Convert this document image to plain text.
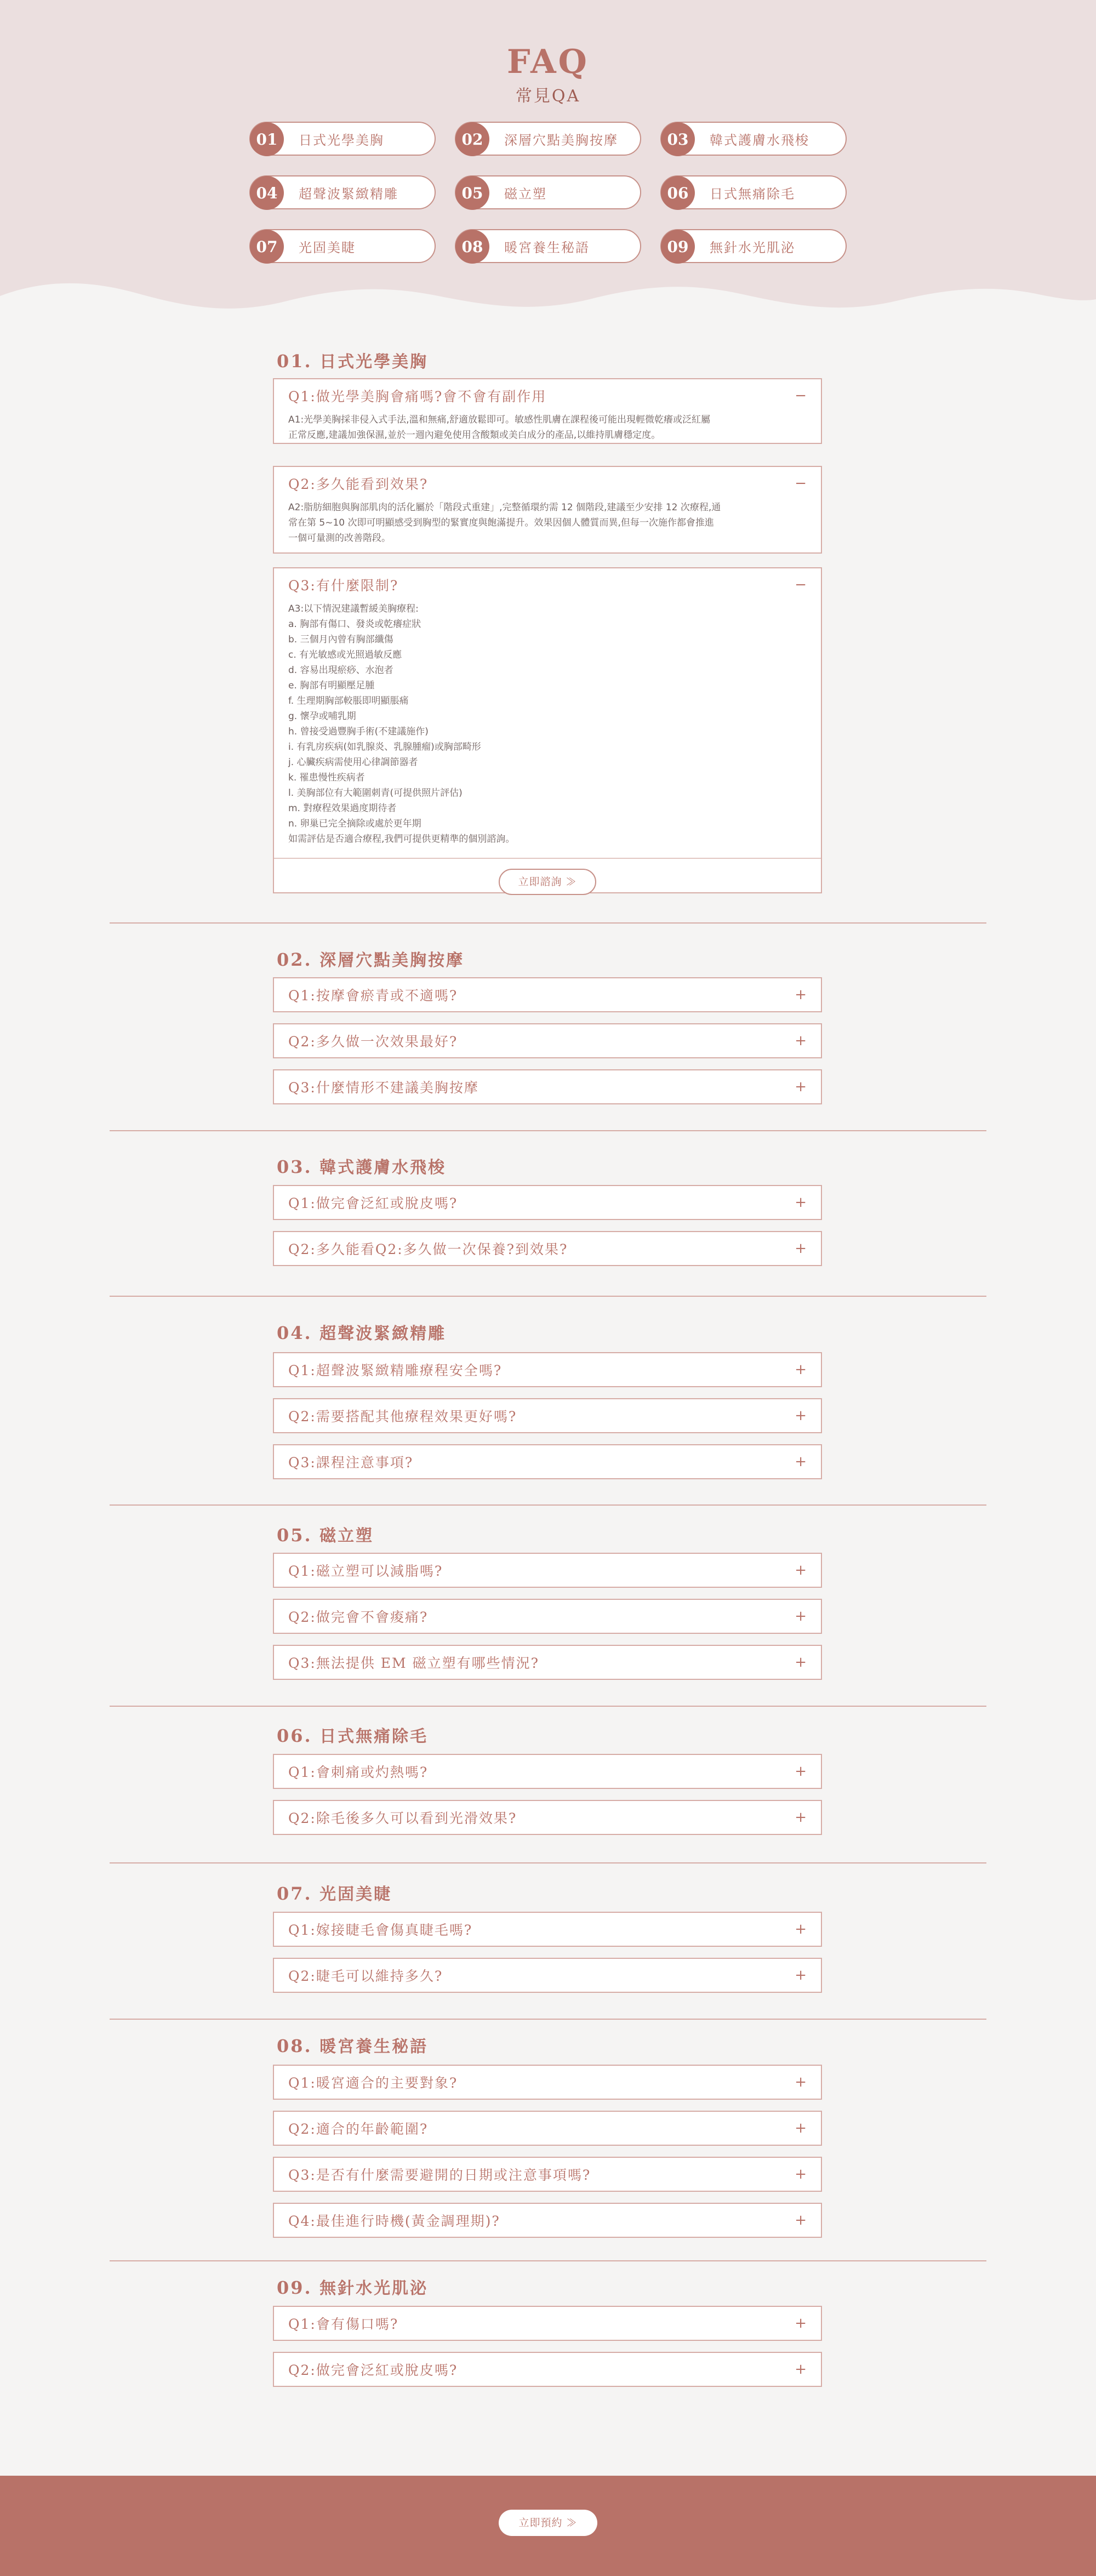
FAQ
常見QA
01	日式光學美胸	02	深層穴點美胸按摩	03	韓式護膚水飛梭
04	超聲波緊緻精雕	05	磁立塑	06	日式無痛除毛
07	光固美睫	08	暖宮養生秘語	09	無針水光肌泌
01. 日式光學美胸
Q1:做光學美胸會痛嗎?會不會有副作用	−
A1:光學美胸採非侵入式手法,溫和無痛,舒適放鬆即可。敏感性肌膚在課程後可能出現輕微乾癢或泛紅屬
正常反應,建議加強保濕,並於一週內避免使用含酸類或美白成分的產品,以維持肌膚穩定度。
Q2:多久能看到效果?	−
A2:脂肪細胞與胸部肌肉的活化屬於「階段式重建」,完整循環約需 12 個階段,建議至少安排 12 次療程,通
常在第 5~10 次即可明顯感受到胸型的緊實度與飽滿提升。效果因個人體質而異,但每一次施作都會推進
一個可量測的改善階段。
Q3:有什麼限制?	−
A3:以下情況建議暫緩美胸療程:
a. 胸部有傷口、發炎或乾癢症狀
b. 三個月內曾有胸部纖傷
c. 有光敏感或光照過敏反應
d. 容易出現瘀痧、水泡者
e. 胸部有明顯壓足腫
f. 生理期胸部較脹即明顯脹痛
g. 懷孕或哺乳期
h. 曾接受過豐胸手術(不建議施作)
i. 有乳房疾病(如乳腺炎、乳腺腫瘤)或胸部畸形
j. 心臟疾病需使用心律調節器者
k. 罹患慢性疾病者
l. 美胸部位有大範圍刺青(可提供照片評估)
m. 對療程效果過度期待者
n. 卵巢已完全摘除或處於更年期
如需評估是否適合療程,我們可提供更精準的個別諮詢。
立即諮詢 ≫
02. 深層穴點美胸按摩
Q1:按摩會瘀青或不適嗎?	+
Q2:多久做一次效果最好?	+
Q3:什麼情形不建議美胸按摩	+
03. 韓式護膚水飛梭
Q1:做完會泛紅或脫皮嗎?	+
Q2:多久能看Q2:多久做一次保養?到效果?	+
04. 超聲波緊緻精雕
Q1:超聲波緊緻精雕療程安全嗎?	+
Q2:需要搭配其他療程效果更好嗎?	+
Q3:課程注意事項?	+
05. 磁立塑
Q1:磁立塑可以減脂嗎?	+
Q2:做完會不會痠痛?	+
Q3:無法提供 EM 磁立塑有哪些情況?	+
06. 日式無痛除毛
Q1:會刺痛或灼熱嗎?	+
Q2:除毛後多久可以看到光滑效果?	+
07. 光固美睫
Q1:嫁接睫毛會傷真睫毛嗎?	+
Q2:睫毛可以維持多久?	+
08. 暖宮養生秘語
Q1:暖宮適合的主要對象?	+
Q2:適合的年齡範圍?	+
Q3:是否有什麼需要避開的日期或注意事項嗎?	+
Q4:最佳進行時機(黃金調理期)?	+
09. 無針水光肌泌
Q1:會有傷口嗎?	+
Q2:做完會泛紅或脫皮嗎?	+
立即預約 ≫
